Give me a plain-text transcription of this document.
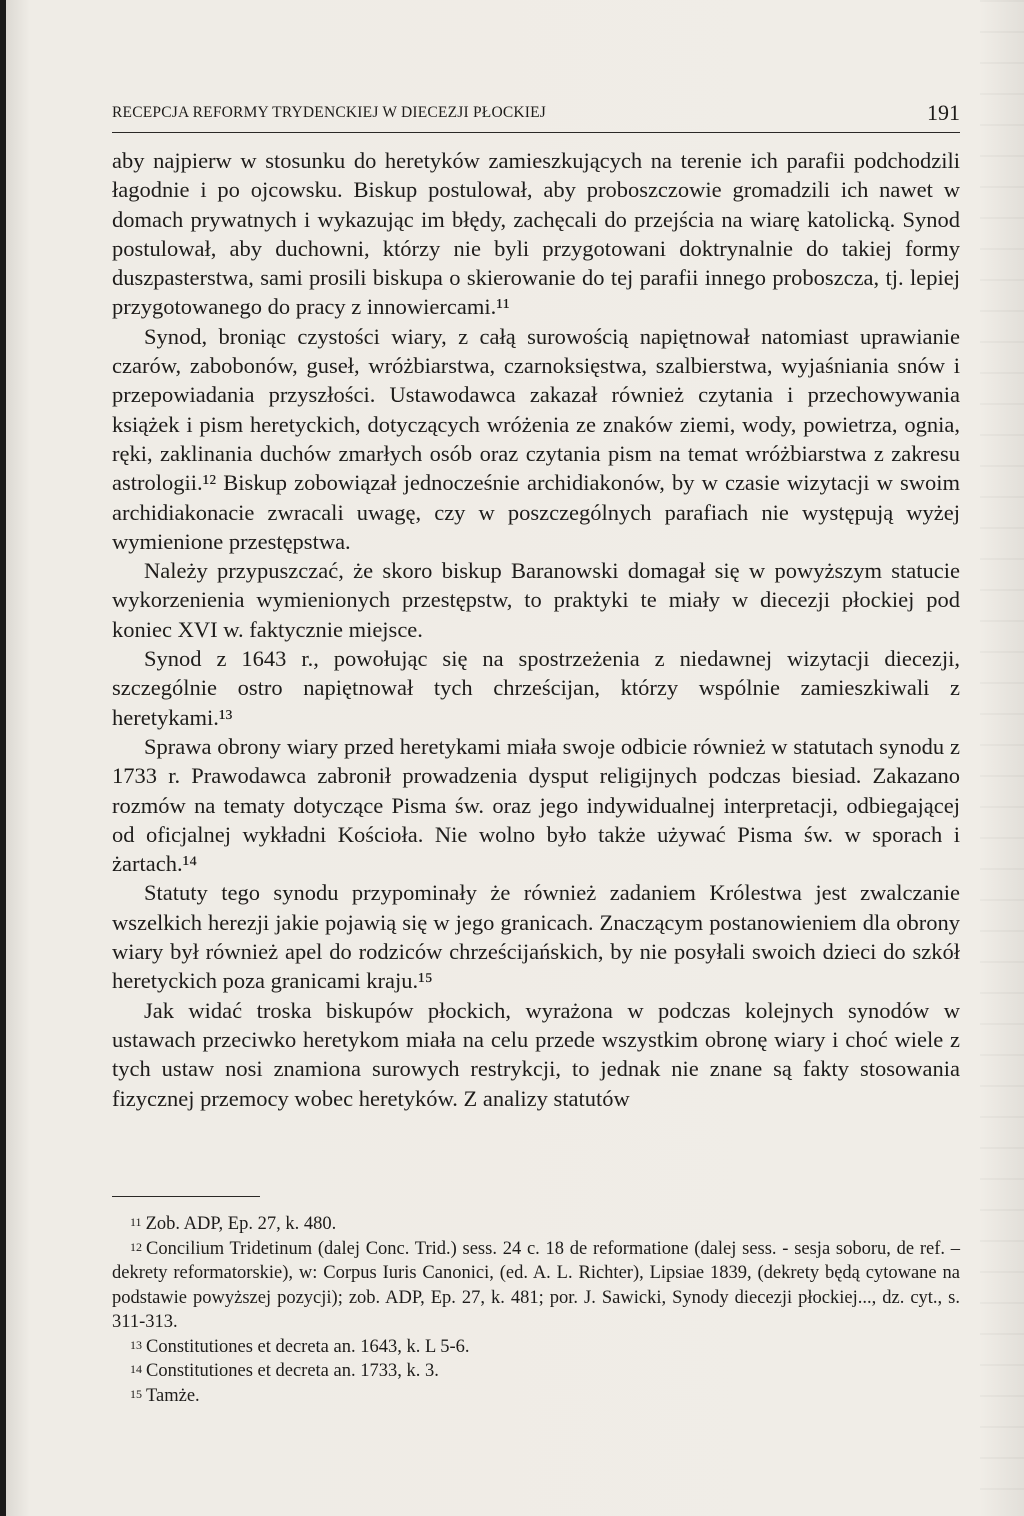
RECEPCJA REFORMY TRYDENCKIEJ W DIECEZJI PŁOCKIEJ	191

aby najpierw w stosunku do heretyków zamieszkujących na terenie ich parafii podchodzili łagodnie i po ojcowsku. Biskup postulował, aby proboszczowie gromadzili ich nawet w domach prywatnych i wykazując im błędy, zachęcali do przejścia na wiarę katolicką. Synod postulował, aby duchowni, którzy nie byli przygotowani doktrynalnie do takiej formy duszpasterstwa, sami prosili biskupa o skierowanie do tej parafii innego proboszcza, tj. lepiej przygotowanego do pracy z innowiercami.¹¹

Synod, broniąc czystości wiary, z całą surowością napiętnował natomiast uprawianie czarów, zabobonów, guseł, wróżbiarstwa, czarnoksięstwa, szalbierstwa, wyjaśniania snów i przepowiadania przyszłości. Ustawodawca zakazał również czytania i przechowywania książek i pism heretyckich, dotyczących wróżenia ze znaków ziemi, wody, powietrza, ognia, ręki, zaklinania duchów zmarłych osób oraz czytania pism na temat wróżbiarstwa z zakresu astrologii.¹² Biskup zobowiązał jednocześnie archidiakonów, by w czasie wizytacji w swoim archidiakonacie zwracali uwagę, czy w poszczególnych parafiach nie występują wyżej wymienione przestępstwa.

Należy przypuszczać, że skoro biskup Baranowski domagał się w powyższym statucie wykorzenienia wymienionych przestępstw, to praktyki te miały w diecezji płockiej pod koniec XVI w. faktycznie miejsce.

Synod z 1643 r., powołując się na spostrzeżenia z niedawnej wizytacji diecezji, szczególnie ostro napiętnował tych chrześcijan, którzy wspólnie zamieszkiwali z heretykami.¹³

Sprawa obrony wiary przed heretykami miała swoje odbicie również w statutach synodu z 1733 r. Prawodawca zabronił prowadzenia dysput religijnych podczas biesiad. Zakazano rozmów na tematy dotyczące Pisma św. oraz jego indywidualnej interpretacji, odbiegającej od oficjalnej wykładni Kościoła. Nie wolno było także używać Pisma św. w sporach i żartach.¹⁴

Statuty tego synodu przypominały że również zadaniem Królestwa jest zwalczanie wszelkich herezji jakie pojawią się w jego granicach. Znaczącym postanowieniem dla obrony wiary był również apel do rodziców chrześcijańskich, by nie posyłali swoich dzieci do szkół heretyckich poza granicami kraju.¹⁵

Jak widać troska biskupów płockich, wyrażona w podczas kolejnych synodów w ustawach przeciwko heretykom miała na celu przede wszystkim obronę wiary i choć wiele z tych ustaw nosi znamiona surowych restrykcji, to jednak nie znane są fakty stosowania fizycznej przemocy wobec heretyków. Z analizy statutów

$^{11}$ Zob. ADP, Ep. 27, k. 480.

$^{12}$ Concilium Tridetinum (dalej Conc. Trid.) sess. 24 c. 18 de reformatione (dalej sess. - sesja soboru, de ref. – dekrety reformatorskie), w: Corpus Iuris Canonici, (ed. A. L. Richter), Lipsiae 1839, (dekrety będą cytowane na podstawie powyższej pozycji); zob. ADP, Ep. 27, k. 481; por. J. Sawicki, Synody diecezji płockiej..., dz. cyt., s. 311-313.

$^{13}$ Constitutiones et decreta an. 1643, k. L 5-6.

$^{14}$ Constitutiones et decreta an. 1733, k. 3.

$^{15}$ Tamże.
